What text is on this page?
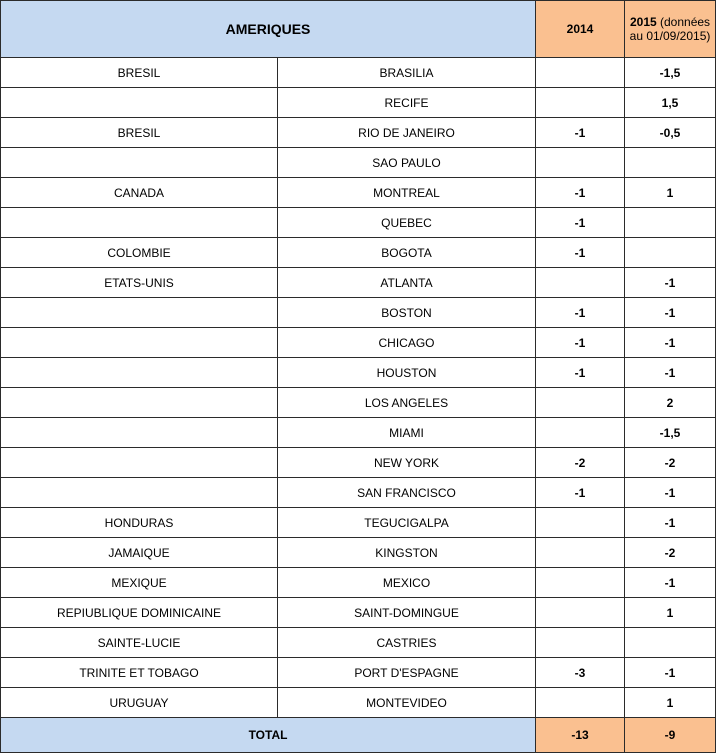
AMERIQUES		2014	2015 (données au 01/09/2015)
BRESIL	BRASILIA		-1,5
	RECIFE		1,5
BRESIL	RIO DE JANEIRO	-1	-0,5
	SAO PAULO		
CANADA	MONTREAL	-1	1
	QUEBEC	-1	
COLOMBIE	BOGOTA	-1	
ETATS-UNIS	ATLANTA		-1
	BOSTON	-1	-1
	CHICAGO	-1	-1
	HOUSTON	-1	-1
	LOS ANGELES		2
	MIAMI		-1,5
	NEW YORK	-2	-2
	SAN FRANCISCO	-1	-1
HONDURAS	TEGUCIGALPA		-1
JAMAIQUE	KINGSTON		-2
MEXIQUE	MEXICO		-1
REPIUBLIQUE DOMINICAINE	SAINT-DOMINGUE		1
SAINTE-LUCIE	CASTRIES		
TRINITE ET TOBAGO	PORT D'ESPAGNE	-3	-1
URUGUAY	MONTEVIDEO		1
TOTAL		-13	-9
